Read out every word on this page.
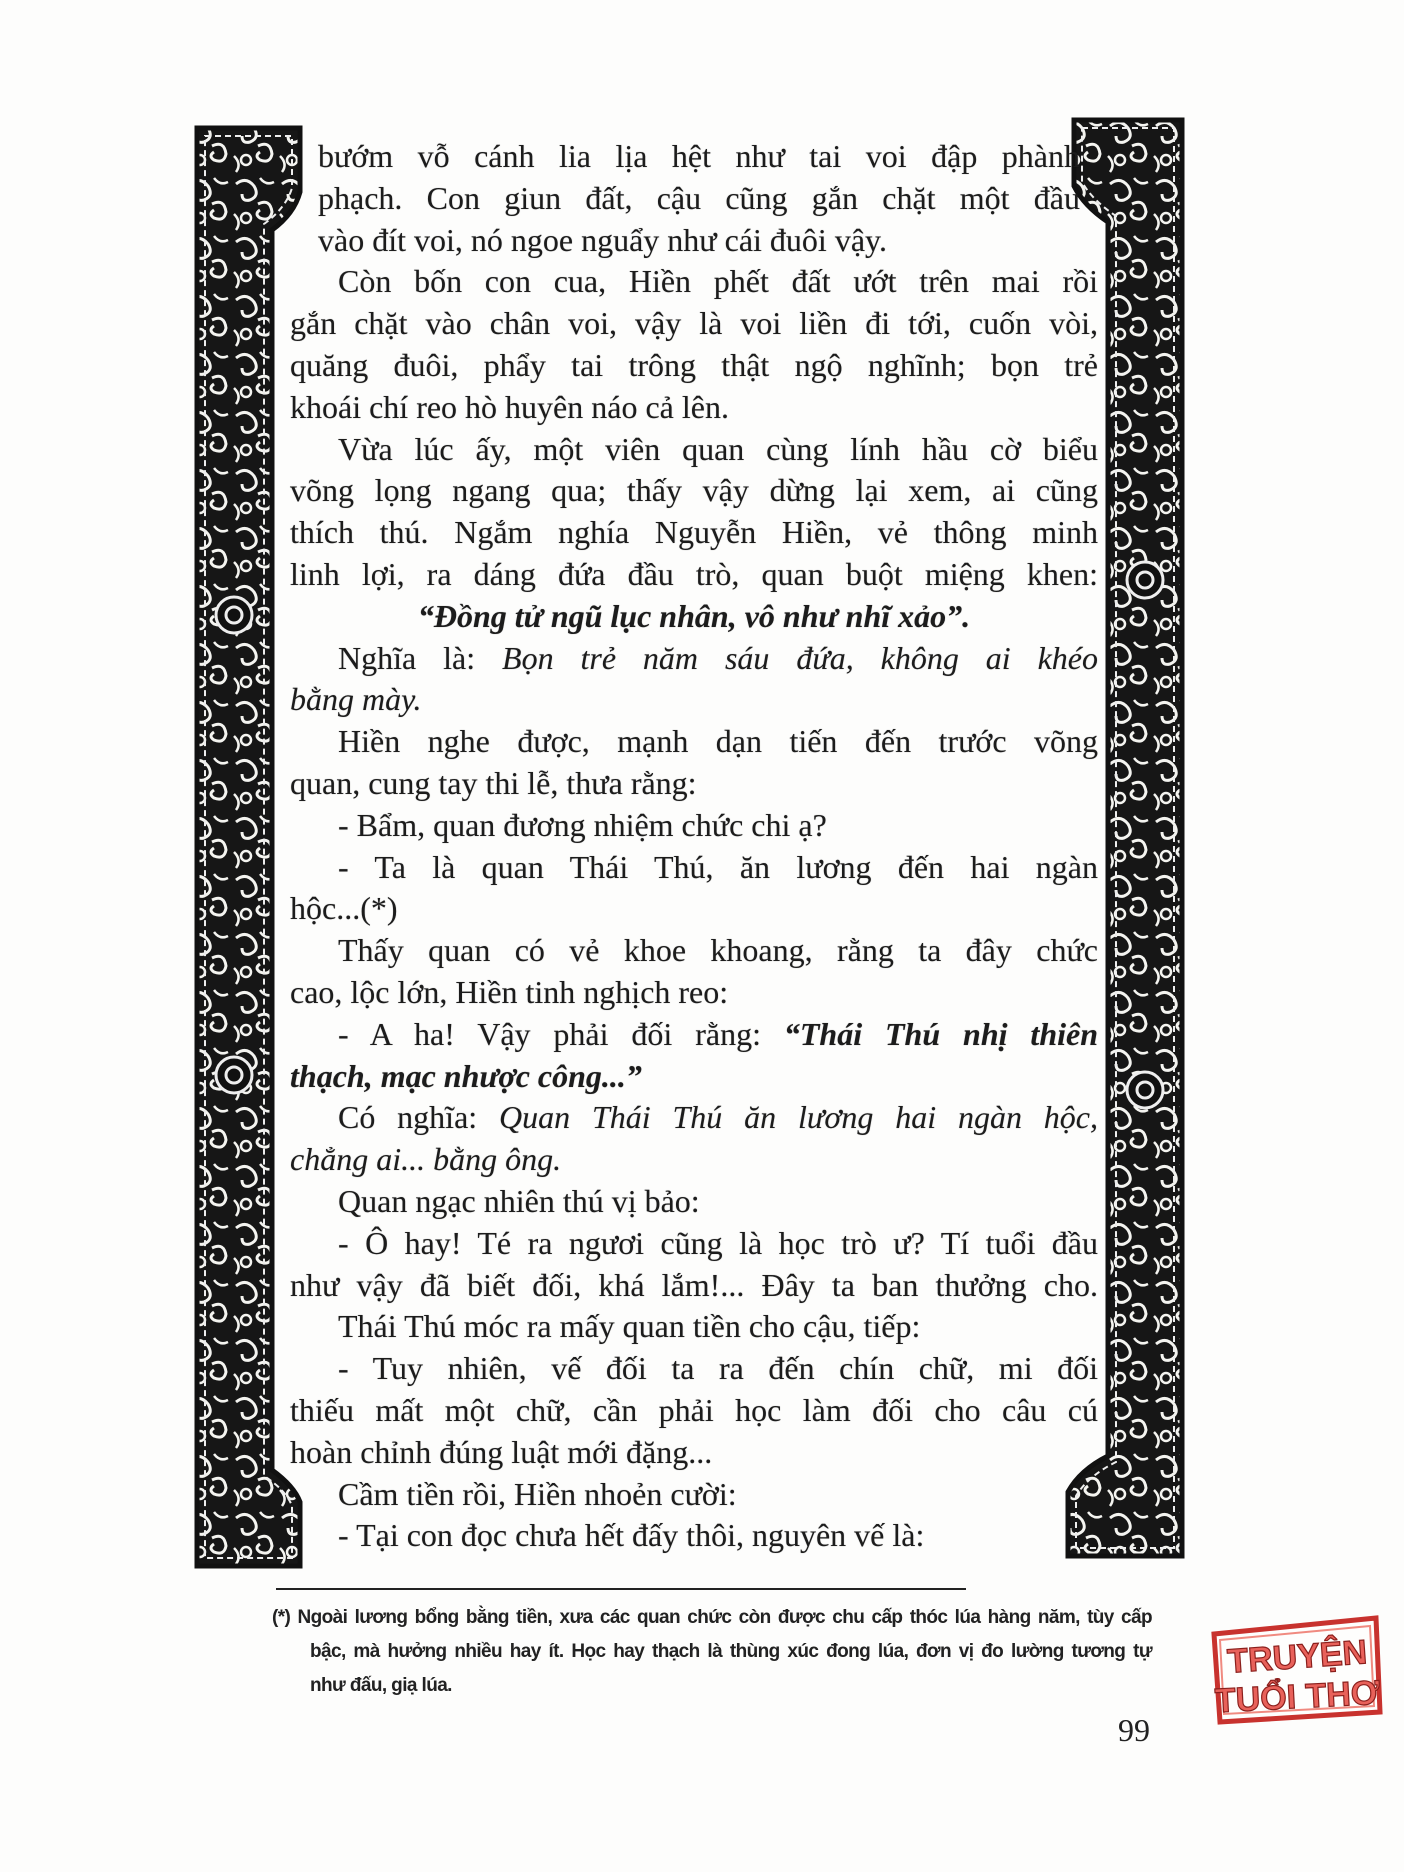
bướm vỗ cánh lia lịa hệt như tai voi đập phành
phạch. Con giun đất, cậu cũng gắn chặt một đầu
vào đít voi, nó ngoe nguẩy như cái đuôi vậy.
Còn bốn con cua, Hiền phết đất ướt trên mai rồi
gắn chặt vào chân voi, vậy là voi liền đi tới, cuốn vòi,
quăng đuôi, phẩy tai trông thật ngộ nghĩnh; bọn trẻ
khoái chí reo hò huyên náo cả lên.
Vừa lúc ấy, một viên quan cùng lính hầu cờ biểu
võng lọng ngang qua; thấy vậy dừng lại xem, ai cũng
thích thú. Ngắm nghía Nguyễn Hiền, vẻ thông minh
linh lợi, ra dáng đứa đầu trò, quan buột miệng khen:
“Đồng tử ngũ lục nhân, vô như nhĩ xảo”.
Nghĩa là: Bọn trẻ năm sáu đứa, không ai khéo
bằng mày.
Hiền nghe được, mạnh dạn tiến đến trước võng
quan, cung tay thi lễ, thưa rằng:
- Bẩm, quan đương nhiệm chức chi ạ?
- Ta là quan Thái Thú, ăn lương đến hai ngàn
hộc...(*)
Thấy quan có vẻ khoe khoang, rằng ta đây chức
cao, lộc lớn, Hiền tinh nghịch reo:
- A ha! Vậy phải đối rằng: “Thái Thú nhị thiên
thạch, mạc nhược công...”
Có nghĩa: Quan Thái Thú ăn lương hai ngàn hộc,
chẳng ai... bằng ông.
Quan ngạc nhiên thú vị bảo:
- Ô hay! Té ra ngươi cũng là học trò ư? Tí tuổi đầu
như vậy đã biết đối, khá lắm!... Đây ta ban thưởng cho.
Thái Thú móc ra mấy quan tiền cho cậu, tiếp:
- Tuy nhiên, vế đối ta ra đến chín chữ, mi đối
thiếu mất một chữ, cần phải học làm đối cho câu cú
hoàn chỉnh đúng luật mới đặng...
Cầm tiền rồi, Hiền nhoẻn cười:
- Tại con đọc chưa hết đấy thôi, nguyên vế là:
(*) Ngoài lương bổng bằng tiền, xưa các quan chức còn được chu cấp thóc lúa hàng năm, tùy cấp
bậc, mà hưởng nhiều hay ít. Học hay thạch là thùng xúc đong lúa, đơn vị đo lường tương tự
như đấu, giạ lúa.
TRUYỆN
TUỔI THƠ
99
